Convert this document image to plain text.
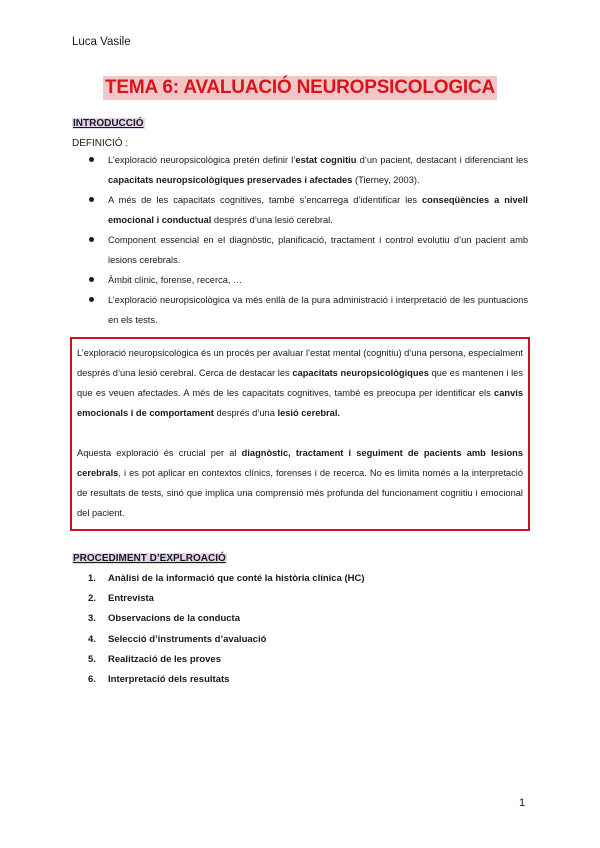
Luca Vasile
TEMA 6: AVALUACIÓ NEUROPSICOLOGICA
INTRODUCCIÓ
DEFINICIÓ :
L’exploració neuropsicològica pretén definir l’estat cognitiu d’un pacient, destacant i diferenciant les capacitats neuropsicològiques preservades i afectades (Tierney, 2003).
A més de les capacitats cognitives, també s’encarrega d’identificar les conseqüències a nivell emocional i conductual després d’una lesió cerebral.
Component essencial en el diagnòstic, planificació, tractament i control evolutiu d’un pacient amb lesions cerebrals.
Àmbit clínic, forense, recerca, …
L’exploració neuropsicològica va més enllà de la pura administració i interpretació de les puntuacions en els tests.

L’exploració neuropsicològica és un procés per avaluar l’estat mental (cognitiu) d’una persona, especialment després d’una lesió cerebral. Cerca de destacar les capacitats neuropsicològiques que es mantenen i les que es veuen afectades. A més de les capacitats cognitives, també es preocupa per identificar els canvis emocionals i de comportament després d’una lesió cerebral.

Aquesta exploració és crucial per al diagnòstic, tractament i seguiment de pacients amb lesions cerebrals, i es pot aplicar en contextos clínics, forenses i de recerca. No es limita només a la interpretació de resultats de tests, sinó que implica una comprensió més profunda del funcionament cognitiu i emocional del pacient.

PROCEDIMENT D’EXPLROACIÓ
1. Anàlisi de la informació que conté la història clínica (HC)
2. Entrevista
3. Observacions de la conducta
4. Selecció d’instruments d’avaluació
5. Realització de les proves
6. Interpretació dels resultats
1
